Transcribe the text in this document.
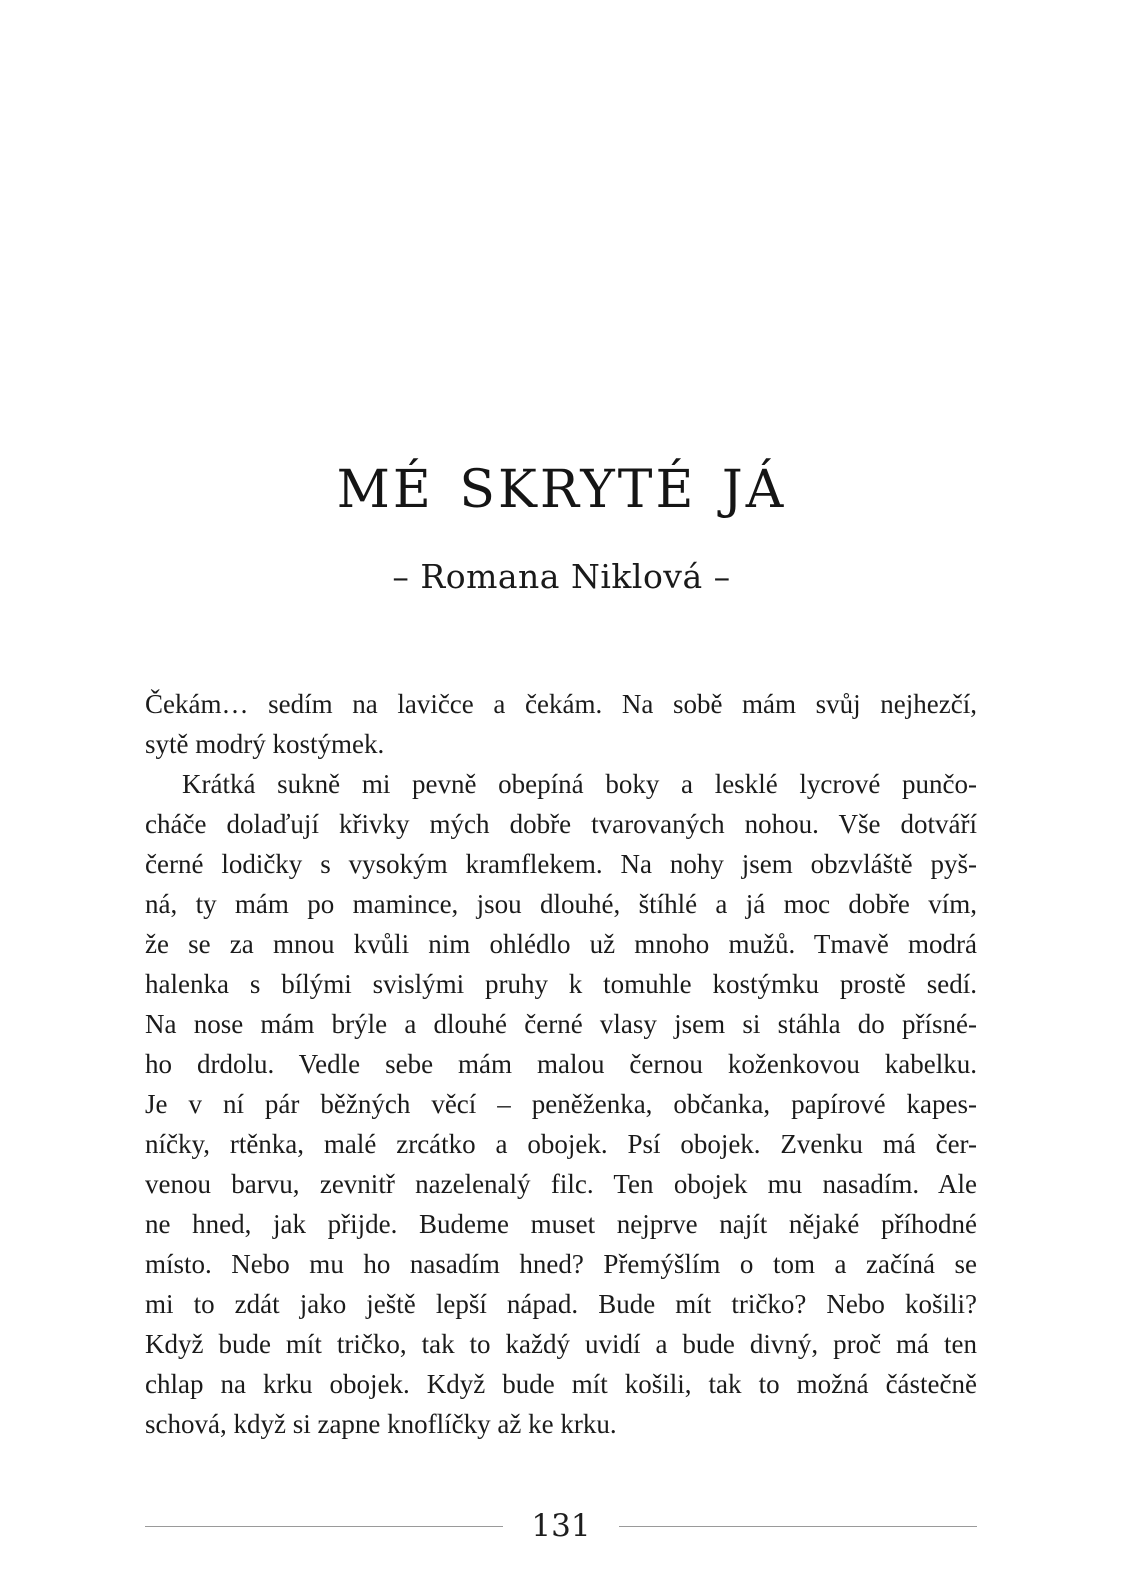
MÉ SKRYTÉ JÁ
– Romana Niklová –
Čekám… sedím na lavičce a čekám. Na sobě mám svůj nejhezčí,
sytě modrý kostýmek.
Krátká sukně mi pevně obepíná boky a lesklé lycrové punčo-
cháče dolaďují křivky mých dobře tvarovaných nohou. Vše dotváří
černé lodičky s vysokým kramflekem. Na nohy jsem obzvláště pyš-
ná, ty mám po mamince, jsou dlouhé, štíhlé a já moc dobře vím,
že se za mnou kvůli nim ohlédlo už mnoho mužů. Tmavě modrá
halenka s bílými svislými pruhy k tomuhle kostýmku prostě sedí.
Na nose mám brýle a dlouhé černé vlasy jsem si stáhla do přísné-
ho drdolu. Vedle sebe mám malou černou koženkovou kabelku.
Je v ní pár běžných věcí – peněženka, občanka, papírové kapes-
níčky, rtěnka, malé zrcátko a obojek. Psí obojek. Zvenku má čer-
venou barvu, zevnitř nazelenalý filc. Ten obojek mu nasadím. Ale
ne hned, jak přijde. Budeme muset nejprve najít nějaké příhodné
místo. Nebo mu ho nasadím hned? Přemýšlím o tom a začíná se
mi to zdát jako ještě lepší nápad. Bude mít tričko? Nebo košili?
Když bude mít tričko, tak to každý uvidí a bude divný, proč má ten
chlap na krku obojek. Když bude mít košili, tak to možná částečně
schová, když si zapne knoflíčky až ke krku.
131
